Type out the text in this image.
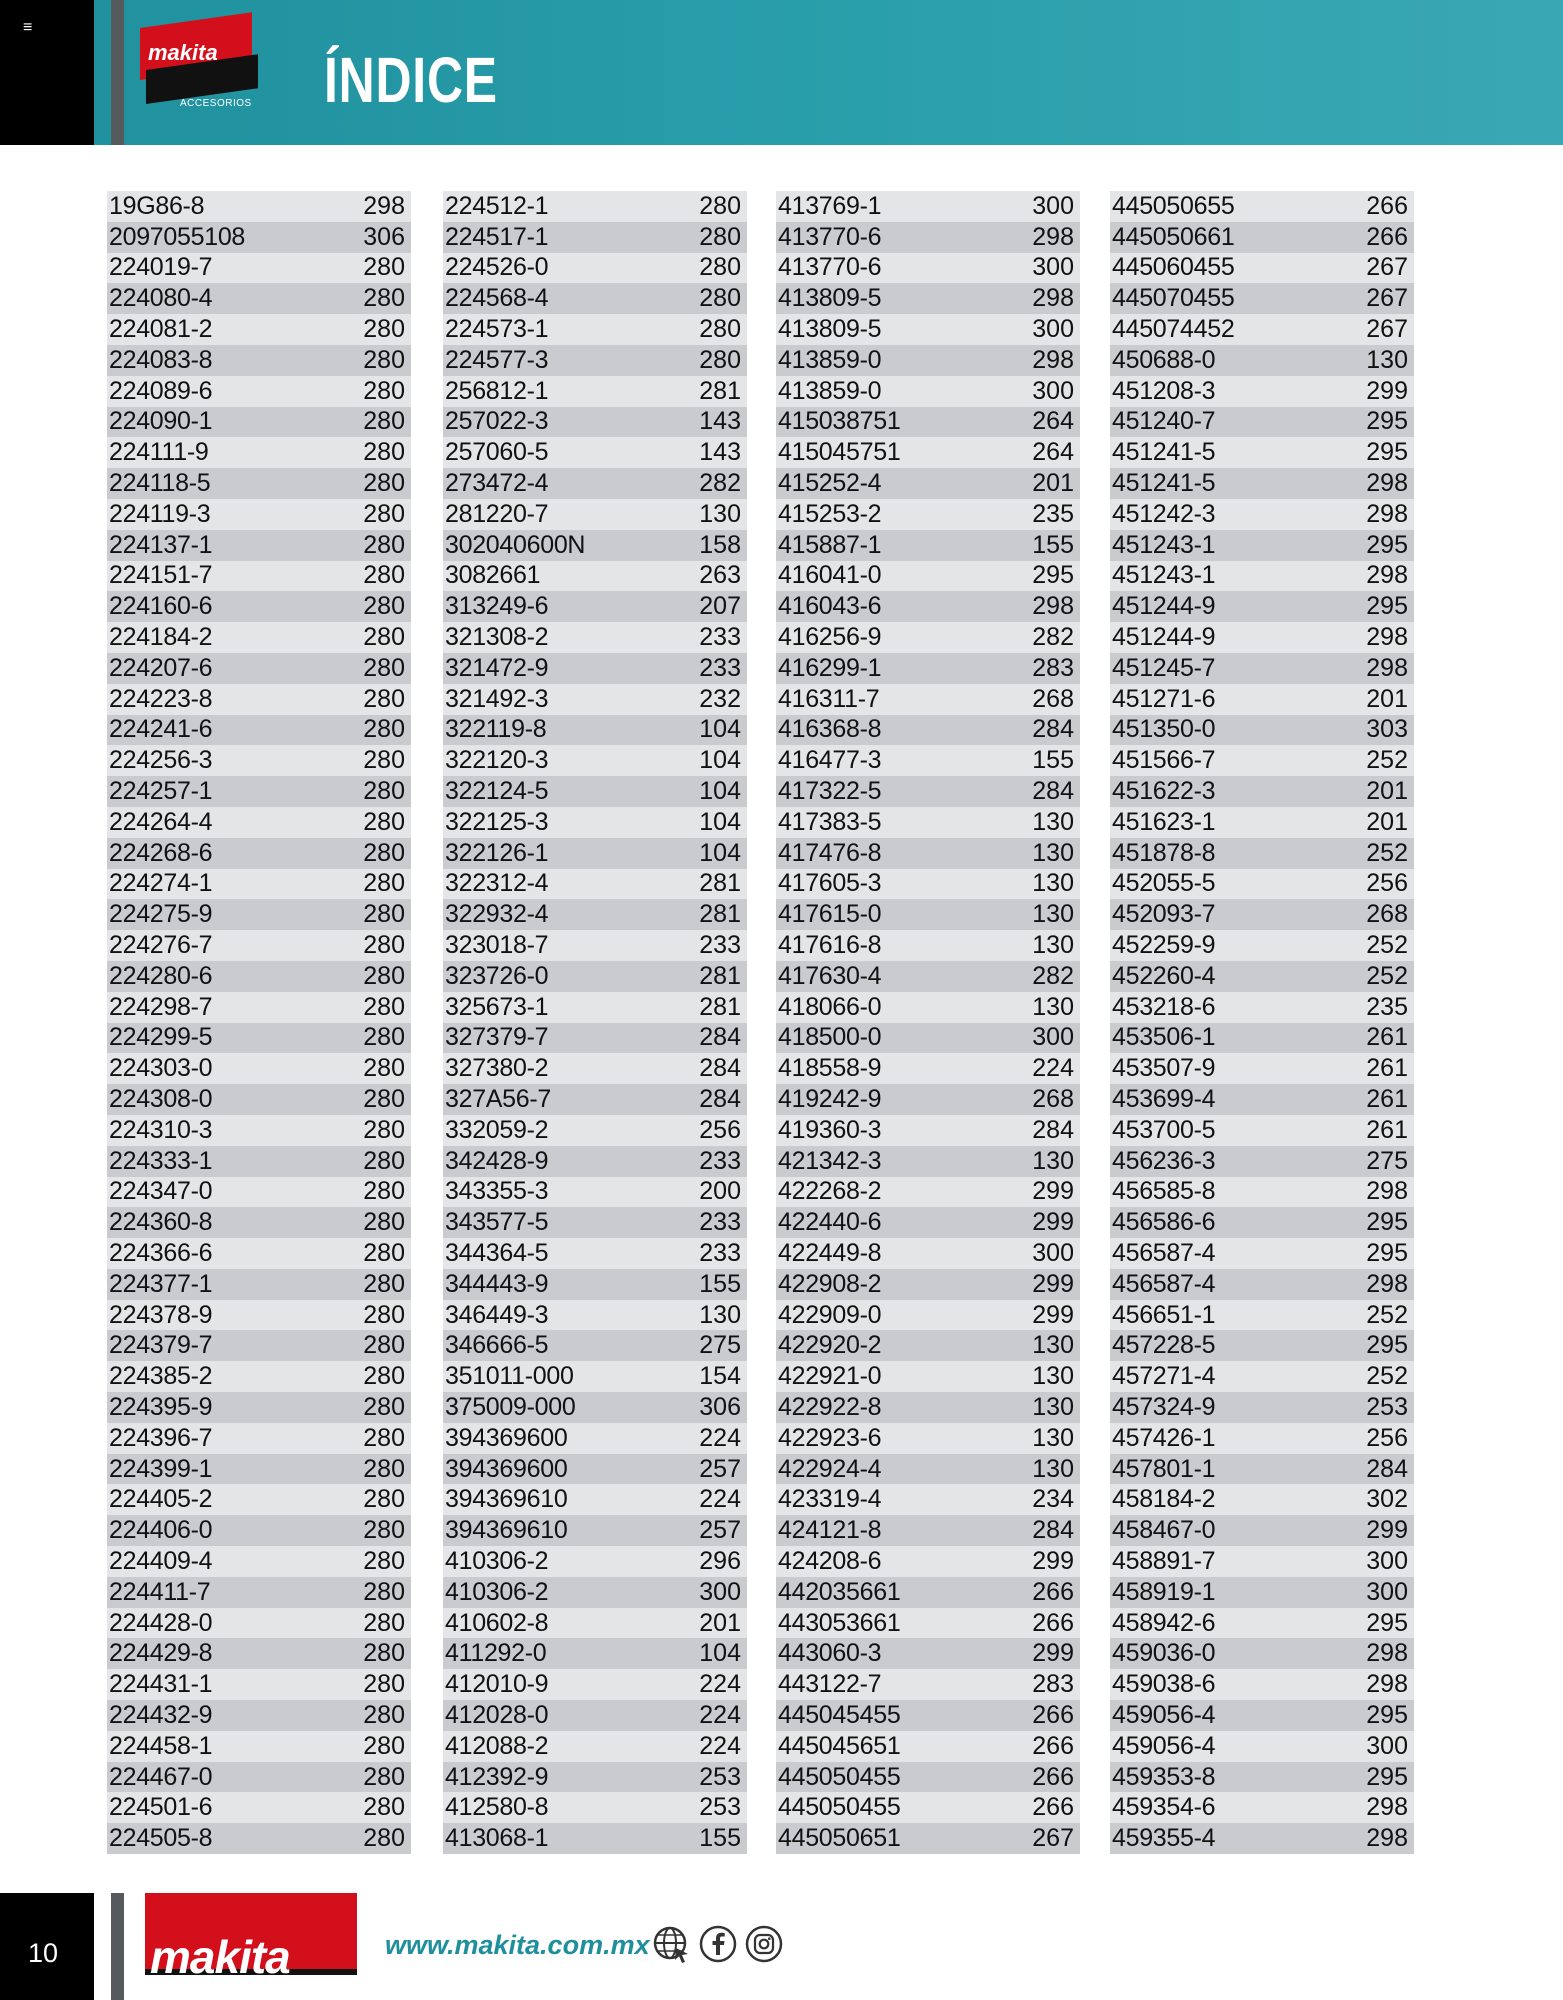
≡
makita
ACCESORIOS ÍNDICE
19G86-8	298
2097055108	306
224019-7	280
224080-4	280
224081-2	280
224083-8	280
224089-6	280
224090-1	280
224111-9	280
224118-5	280
224119-3	280
224137-1	280
224151-7	280
224160-6	280
224184-2	280
224207-6	280
224223-8	280
224241-6	280
224256-3	280
224257-1	280
224264-4	280
224268-6	280
224274-1	280
224275-9	280
224276-7	280
224280-6	280
224298-7	280
224299-5	280
224303-0	280
224308-0	280
224310-3	280
224333-1	280
224347-0	280
224360-8	280
224366-6	280
224377-1	280
224378-9	280
224379-7	280
224385-2	280
224395-9	280
224396-7	280
224399-1	280
224405-2	280
224406-0	280
224409-4	280
224411-7	280
224428-0	280
224429-8	280
224431-1	280
224432-9	280
224458-1	280
224467-0	280
224501-6	280
224505-8	280
224512-1	280
224517-1	280
224526-0	280
224568-4	280
224573-1	280
224577-3	280
256812-1	281
257022-3	143
257060-5	143
273472-4	282
281220-7	130
302040600N	158
3082661	263
313249-6	207
321308-2	233
321472-9	233
321492-3	232
322119-8	104
322120-3	104
322124-5	104
322125-3	104
322126-1	104
322312-4	281
322932-4	281
323018-7	233
323726-0	281
325673-1	281
327379-7	284
327380-2	284
327A56-7	284
332059-2	256
342428-9	233
343355-3	200
343577-5	233
344364-5	233
344443-9	155
346449-3	130
346666-5	275
351011-000	154
375009-000	306
394369600	224
394369600	257
394369610	224
394369610	257
410306-2	296
410306-2	300
410602-8	201
411292-0	104
412010-9	224
412028-0	224
412088-2	224
412392-9	253
412580-8	253
413068-1	155
413769-1	300
413770-6	298
413770-6	300
413809-5	298
413809-5	300
413859-0	298
413859-0	300
415038751	264
415045751	264
415252-4	201
415253-2	235
415887-1	155
416041-0	295
416043-6	298
416256-9	282
416299-1	283
416311-7	268
416368-8	284
416477-3	155
417322-5	284
417383-5	130
417476-8	130
417605-3	130
417615-0	130
417616-8	130
417630-4	282
418066-0	130
418500-0	300
418558-9	224
419242-9	268
419360-3	284
421342-3	130
422268-2	299
422440-6	299
422449-8	300
422908-2	299
422909-0	299
422920-2	130
422921-0	130
422922-8	130
422923-6	130
422924-4	130
423319-4	234
424121-8	284
424208-6	299
442035661	266
443053661	266
443060-3	299
443122-7	283
445045455	266
445045651	266
445050455	266
445050455	266
445050651	267
445050655	266
445050661	266
445060455	267
445070455	267
445074452	267
450688-0	130
451208-3	299
451240-7	295
451241-5	295
451241-5	298
451242-3	298
451243-1	295
451243-1	298
451244-9	295
451244-9	298
451245-7	298
451271-6	201
451350-0	303
451566-7	252
451622-3	201
451623-1	201
451878-8	252
452055-5	256
452093-7	268
452259-9	252
452260-4	252
453218-6	235
453506-1	261
453507-9	261
453699-4	261
453700-5	261
456236-3	275
456585-8	298
456586-6	295
456587-4	295
456587-4	298
456651-1	252
457228-5	295
457271-4	252
457324-9	253
457426-1	256
457801-1	284
458184-2	302
458467-0	299
458891-7	300
458919-1	300
458942-6	295
459036-0	298
459038-6	298
459056-4	295
459056-4	300
459353-8	295
459354-6	298
459355-4	298
10 makita	www.makita.com.mx
